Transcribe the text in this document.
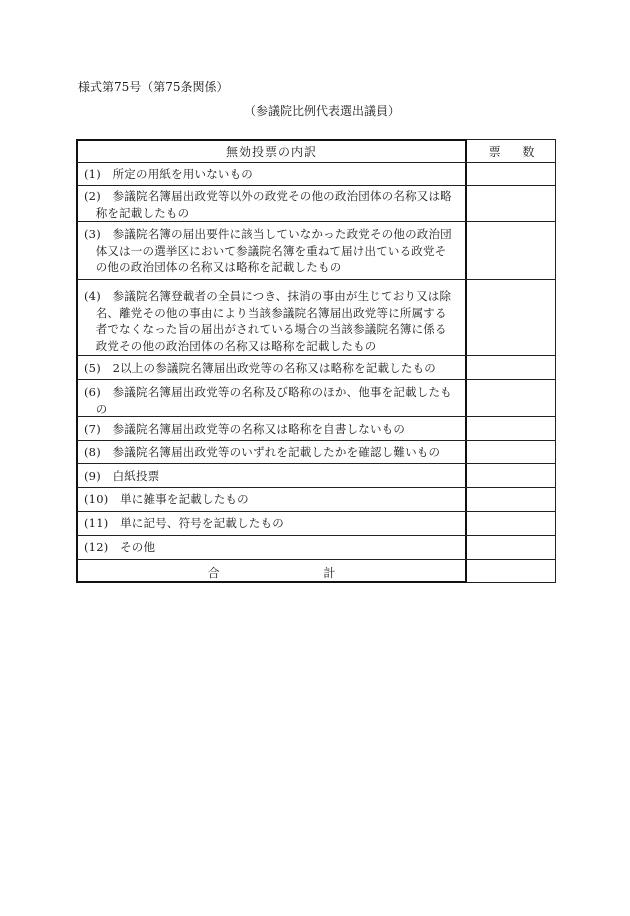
様式第75号（第75条関係）
（参議院比例代表選出議員）
無効投票の内訳	票 数
(1)　所定の用紙を用いないもの
(2)　参議院名簿届出政党等以外の政党その他の政治団体の名称又は略
　称を記載したもの
(3)　参議院名簿の届出要件に該当していなかった政党その他の政治団
　体又は一の選挙区において参議院名簿を重ねて届け出ている政党そ
　の他の政治団体の名称又は略称を記載したもの
(4)　参議院名簿登載者の全員につき、抹消の事由が生じており又は除
　名、離党その他の事由により当該参議院名簿届出政党等に所属する
　者でなくなった旨の届出がされている場合の当該参議院名簿に係る
　政党その他の政治団体の名称又は略称を記載したもの
(5)　2以上の参議院名簿届出政党等の名称又は略称を記載したもの
(6)　参議院名簿届出政党等の名称及び略称のほか、他事を記載したも
　の
(7)　参議院名簿届出政党等の名称又は略称を自書しないもの
(8)　参議院名簿届出政党等のいずれを記載したかを確認し難いもの
(9)　白紙投票
(10)　単に雑事を記載したもの
(11)　単に記号、符号を記載したもの
(12)　その他
合 計
